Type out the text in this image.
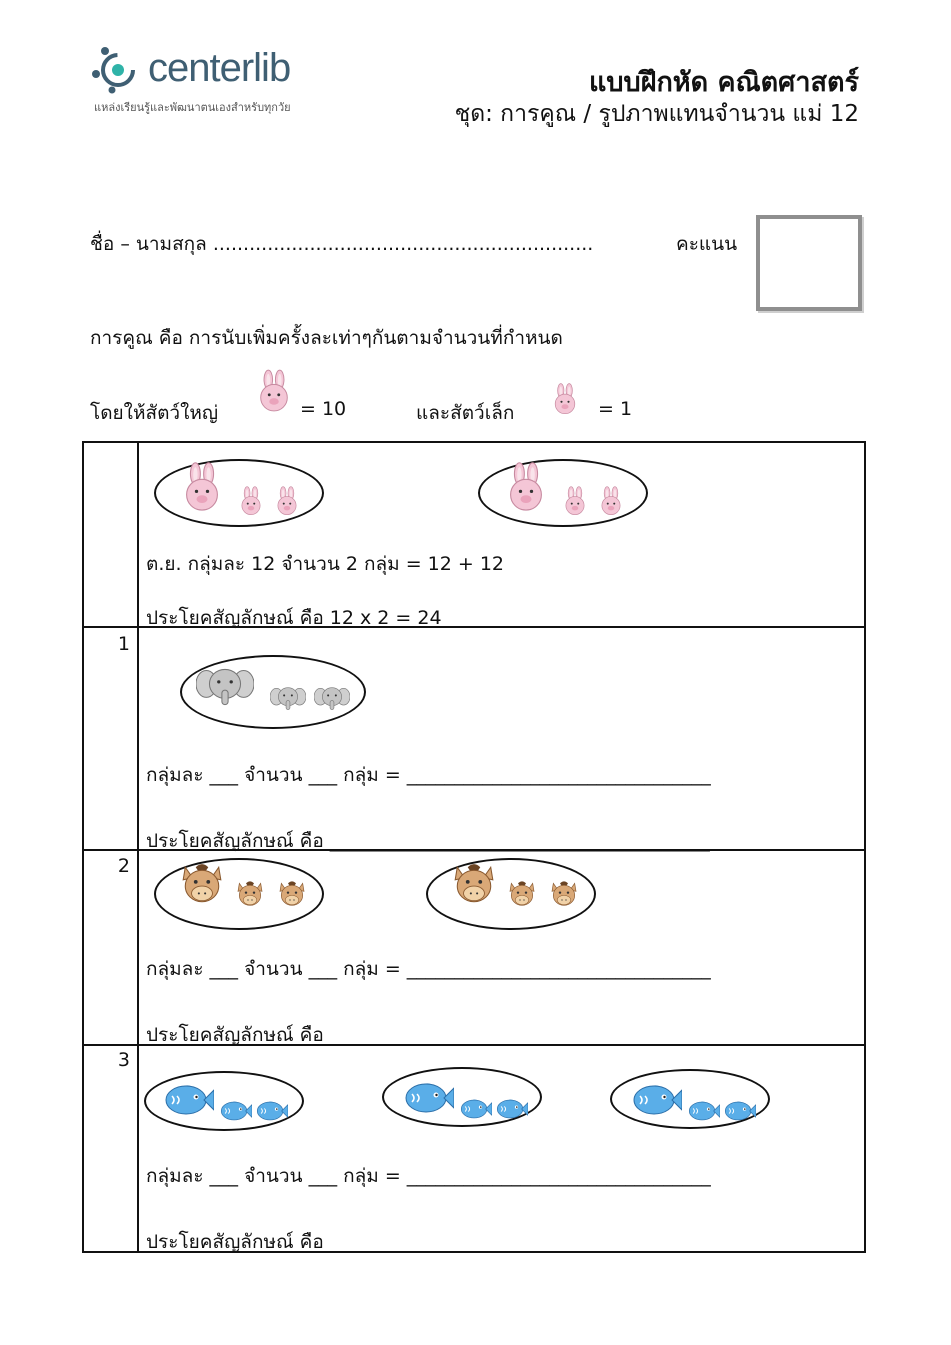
centerlib
แหล่งเรียนรู้และพัฒนาตนเองสำหรับทุกวัย
แบบฝึกหัด คณิตศาสตร์
ชุด: การคูณ / รูปภาพแทนจำนวน แม่ 12
ชื่อ – นามสกุล ...............................................................	คะแนน
การคูณ คือ การนับเพิ่มครั้งละเท่าๆกันตามจำนวนที่กำหนด
โดยให้สัตว์ใหญ่	= 10	และสัตว์เล็ก	= 1
ต.ย. กลุ่มละ 12 จำนวน 2 กลุ่ม = 12 + 12
ประโยคสัญลักษณ์ คือ 12 x 2 = 24
1
กลุ่มละ ___ จำนวน ___ กลุ่ม = ________________________________
ประโยคสัญลักษณ์ คือ ________________________________________
2
กลุ่มละ ___ จำนวน ___ กลุ่ม = ________________________________
ประโยคสัญลักษณ์ คือ ________________________________________
3
กลุ่มละ ___ จำนวน ___ กลุ่ม = ________________________________
ประโยคสัญลักษณ์ คือ ________________________________________
